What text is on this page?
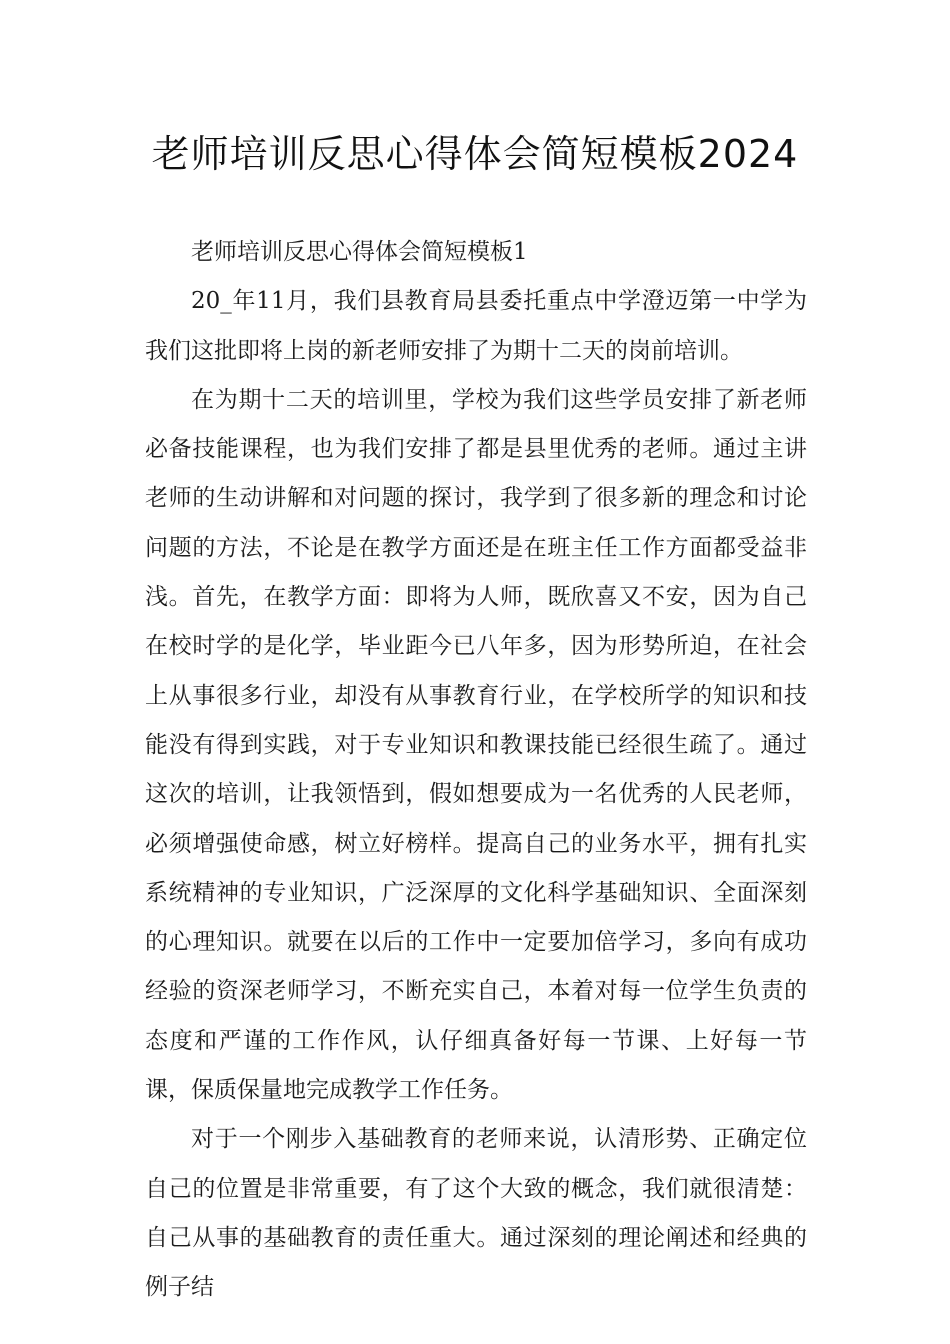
老师培训反思心得体会简短模板2024

老师培训反思心得体会简短模板1

20_年11月，我们县教育局县委托重点中学澄迈第一中学为我们这批即将上岗的新老师安排了为期十二天的岗前培训。

在为期十二天的培训里，学校为我们这些学员安排了新老师必备技能课程，也为我们安排了都是县里优秀的老师。通过主讲老师的生动讲解和对问题的探讨，我学到了很多新的理念和讨论问题的方法，不论是在教学方面还是在班主任工作方面都受益非浅。首先，在教学方面：即将为人师，既欣喜又不安，因为自己在校时学的是化学，毕业距今已八年多，因为形势所迫，在社会上从事很多行业，却没有从事教育行业，在学校所学的知识和技能没有得到实践，对于专业知识和教课技能已经很生疏了。通过这次的培训，让我领悟到，假如想要成为一名优秀的人民老师，必须增强使命感，树立好榜样。提高自己的业务水平，拥有扎实系统精神的专业知识，广泛深厚的文化科学基础知识、全面深刻的心理知识。就要在以后的工作中一定要加倍学习，多向有成功经验的资深老师学习，不断充实自己，本着对每一位学生负责的态度和严谨的工作作风，认仔细真备好每一节课、上好每一节课，保质保量地完成教学工作任务。

对于一个刚步入基础教育的老师来说，认清形势、正确定位自己的位置是非常重要，有了这个大致的概念，我们就很清楚：自己从事的基础教育的责任重大。通过深刻的理论阐述和经典的例子结
